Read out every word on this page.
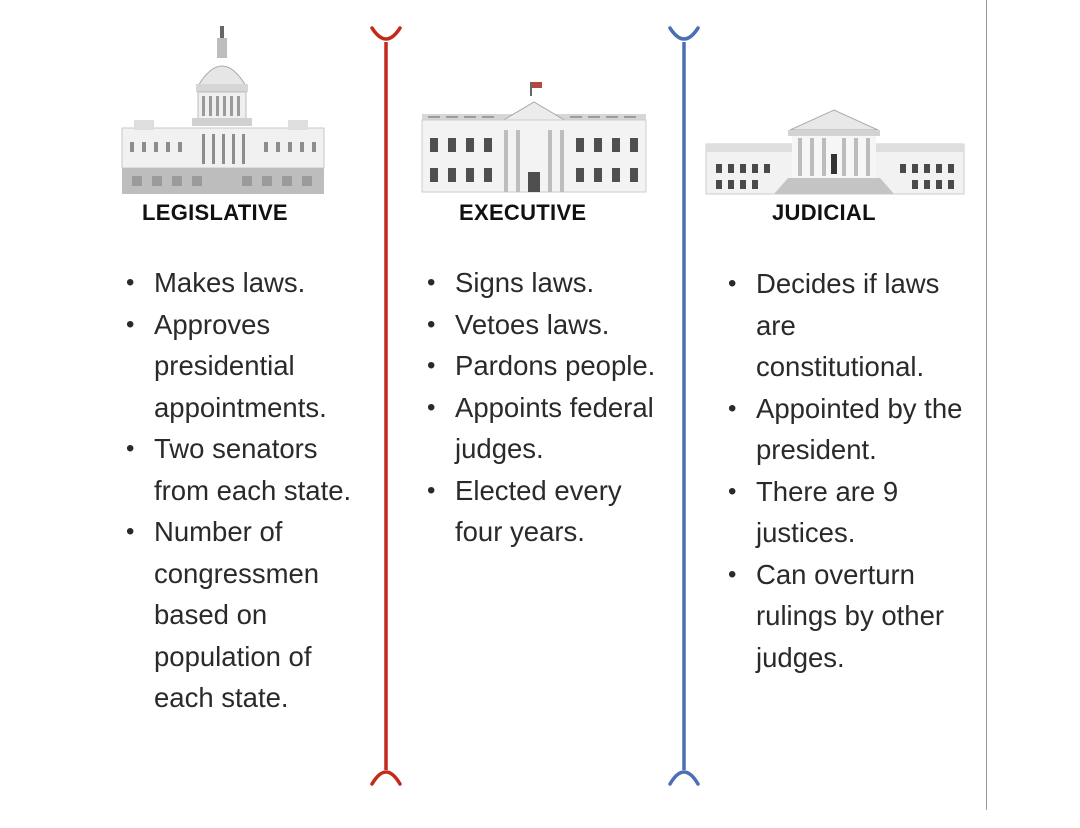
LEGISLATIVE
• Makes laws.
• Approves presidential appointments.
• Two senators from each state.
• Number of congressmen based on population of each state.
EXECUTIVE
• Signs laws.
• Vetoes laws.
• Pardons people.
• Appoints federal judges.
• Elected every four years.
JUDICIAL
• Decides if laws are constitutional.
• Appointed by the president.
• There are 9 justices.
• Can overturn rulings by other judges.
